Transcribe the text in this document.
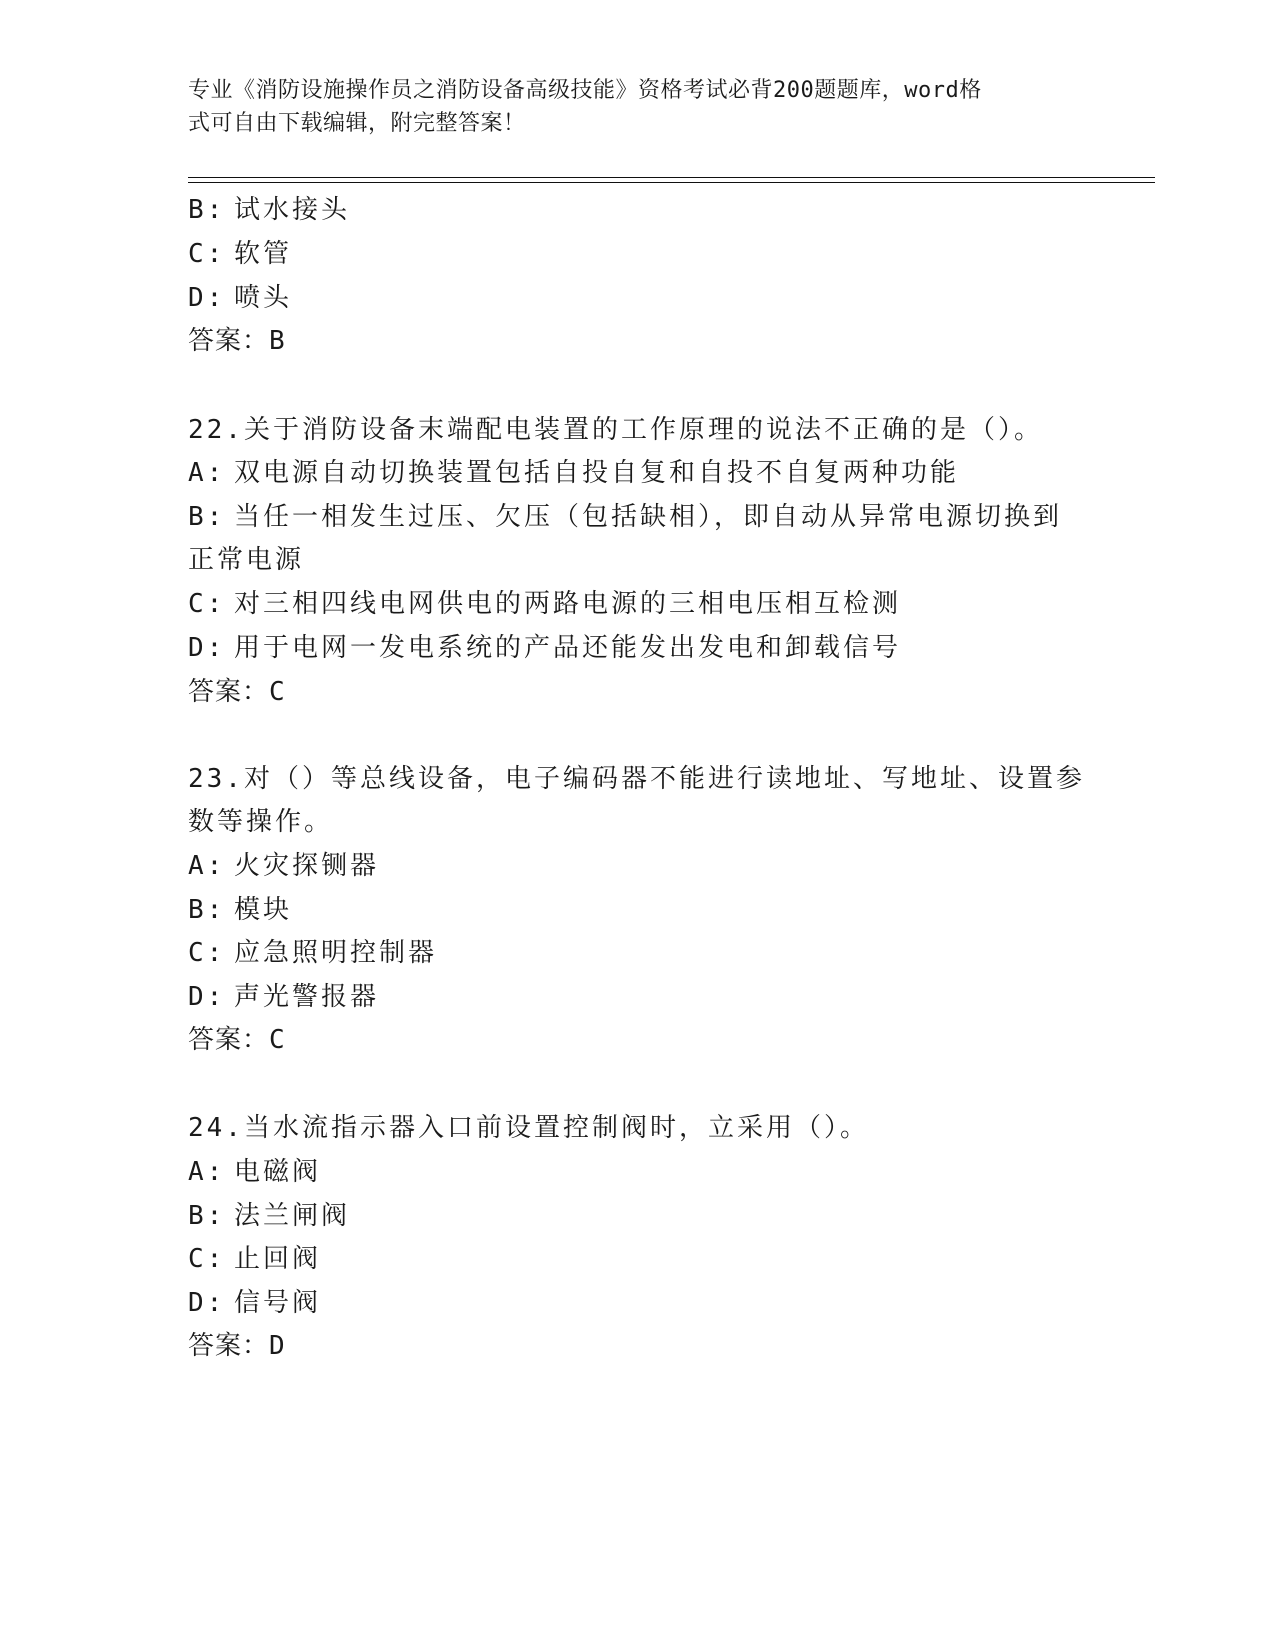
专业《消防设施操作员之消防设备高级技能》资格考试必背200题题库，word格
式可自由下载编辑，附完整答案！
B: 试水接头
C: 软管
D: 喷头
答案：B
22.关于消防设备末端配电装置的工作原理的说法不正确的是（）。
A: 双电源自动切换装置包括自投自复和自投不自复两种功能
B: 当任一相发生过压、欠压（包括缺相），即自动从异常电源切换到
正常电源
C: 对三相四线电网供电的两路电源的三相电压相互检测
D: 用于电网一发电系统的产品还能发出发电和卸载信号
答案：C
23.对（）等总线设备，电子编码器不能进行读地址、写地址、设置参
数等操作。
A: 火灾探铡器
B: 模块
C: 应急照明控制器
D: 声光警报器
答案：C
24.当水流指示器入口前设置控制阀时，立采用（）。
A: 电磁阀
B: 法兰闸阀
C: 止回阀
D: 信号阀
答案：D
